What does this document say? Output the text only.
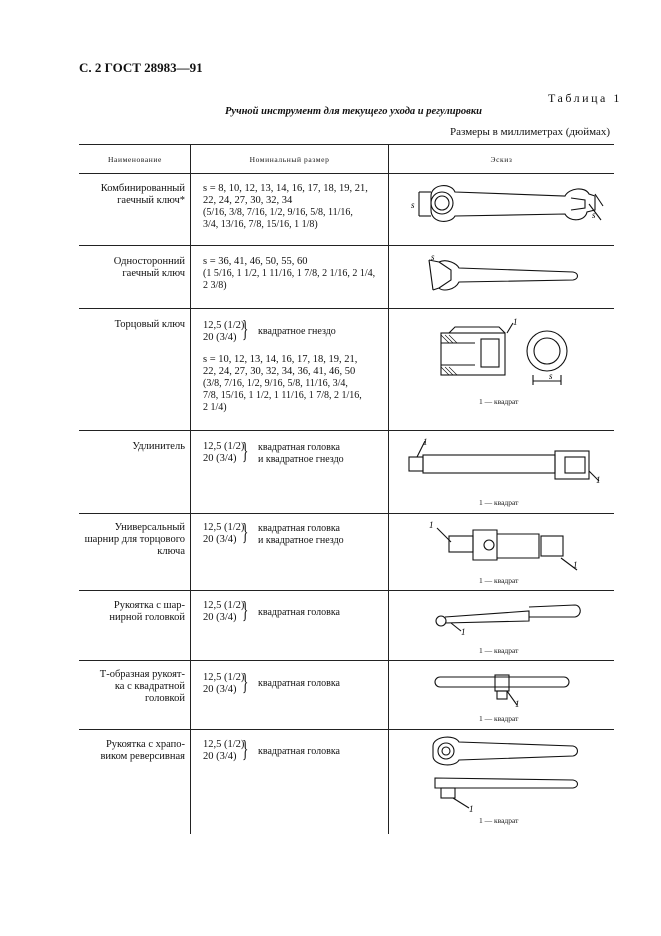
С. 2 ГОСТ 28983—91
Таблица 1
Ручной инструмент для текущего ухода и регулировки
Размеры в миллиметрах (дюймах)
Наименование	Номинальный размер	Эскиз
Комбинированный
гаечный ключ*
s = 8, 10, 12, 13, 14, 16, 17, 18, 19, 21,
22, 24, 27, 30, 32, 34
(5/16, 3/8, 7/16, 1/2, 9/16, 5/8, 11/16,
3/4, 13/16, 7/8, 15/16, 1 1/8)
s
s
Односторонний
гаечный ключ
s = 36, 41, 46, 50, 55, 60
(1 5/16, 1 1/2, 1 11/16, 1 7/8, 2 1/16, 2 1/4,
2 3/8)
s
Торцовый ключ 12,5 (1/2)
20 (3/4) } квадратное гнездо
s = 10, 12, 13, 14, 16, 17, 18, 19, 21,
22, 24, 27, 30, 32, 34, 36, 41, 46, 50
(3/8, 7/16, 1/2, 9/16, 5/8, 11/16, 3/4,
7/8, 15/16, 1 1/2, 1 11/16, 1 7/8, 2 1/16,
2 1/4)
1
s
1 — квадрат
Удлинитель 12,5 (1/2)
20 (3/4) } квадратная головка
и квадратное гнездо
1
1
1 — квадрат
Универсальный
шарнир для торцового
ключа
12,5 (1/2)
20 (3/4) } квадратная головка
и квадратное гнездо
1
1
1 — квадрат
Рукоятка с шар-
нирной головкой
12,5 (1/2)
20 (3/4) } квадратная головка
1
1 — квадрат
Т-образная рукоят-
ка с квадратной
головкой
12,5 (1/2)
20 (3/4) } квадратная головка
1
1 — квадрат
Рукоятка с храпо-
виком реверсивная
12,5 (1/2)
20 (3/4) } квадратная головка
1
1 — квадрат
